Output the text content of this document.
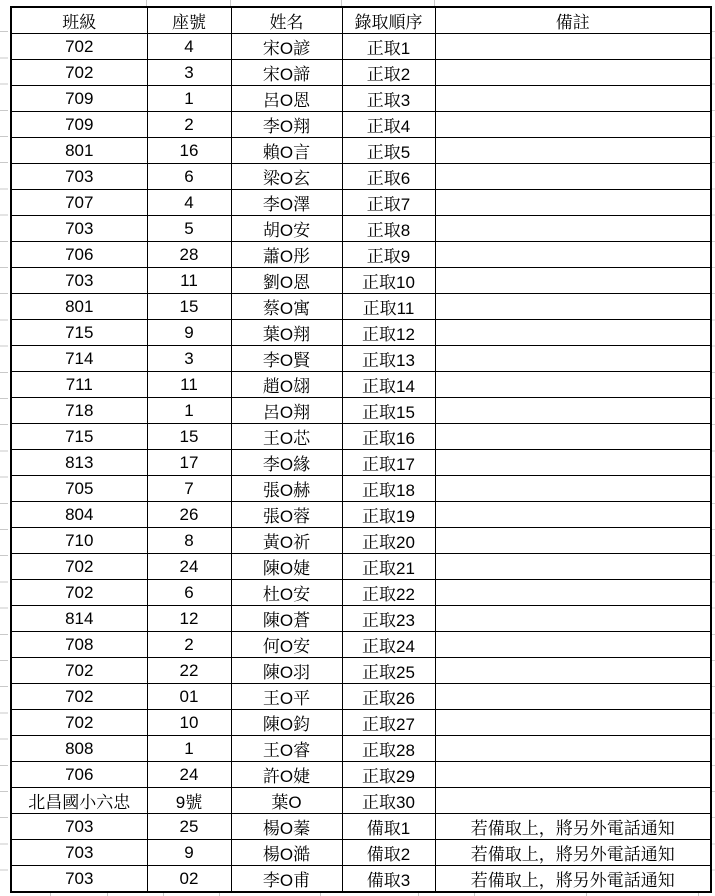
班級	座號	姓名	錄取順序	備註
702	4	宋O諺	正取1	
702	3	宋O諦	正取2	
709	1	呂O恩	正取3	
709	2	李O翔	正取4	
801	16	賴O言	正取5	
703	6	梁O玄	正取6	
707	4	李O澤	正取7	
703	5	胡O安	正取8	
706	28	蕭O彤	正取9	
703	11	劉O恩	正取10	
801	15	蔡O寓	正取11	
715	9	葉O翔	正取12	
714	3	李O賢	正取13	
711	11	趙O翃	正取14	
718	1	呂O翔	正取15	
715	15	王O芯	正取16	
813	17	李O緣	正取17	
705	7	張O赫	正取18	
804	26	張O蓉	正取19	
710	8	黃O祈	正取20	
702	24	陳O婕	正取21	
702	6	杜O安	正取22	
814	12	陳O蒼	正取23	
708	2	何O安	正取24	
702	22	陳O羽	正取25	
702	01	王O平	正取26	
702	10	陳O鈞	正取27	
808	1	王O睿	正取28	
706	24	許O婕	正取29	
北昌國小六忠	9號	葉O	正取30	
703	25	楊O蓁	備取1	若備取上，將另外電話通知
703	9	楊O澔	備取2	若備取上，將另外電話通知
703	02	李O甫	備取3	若備取上，將另外電話通知
